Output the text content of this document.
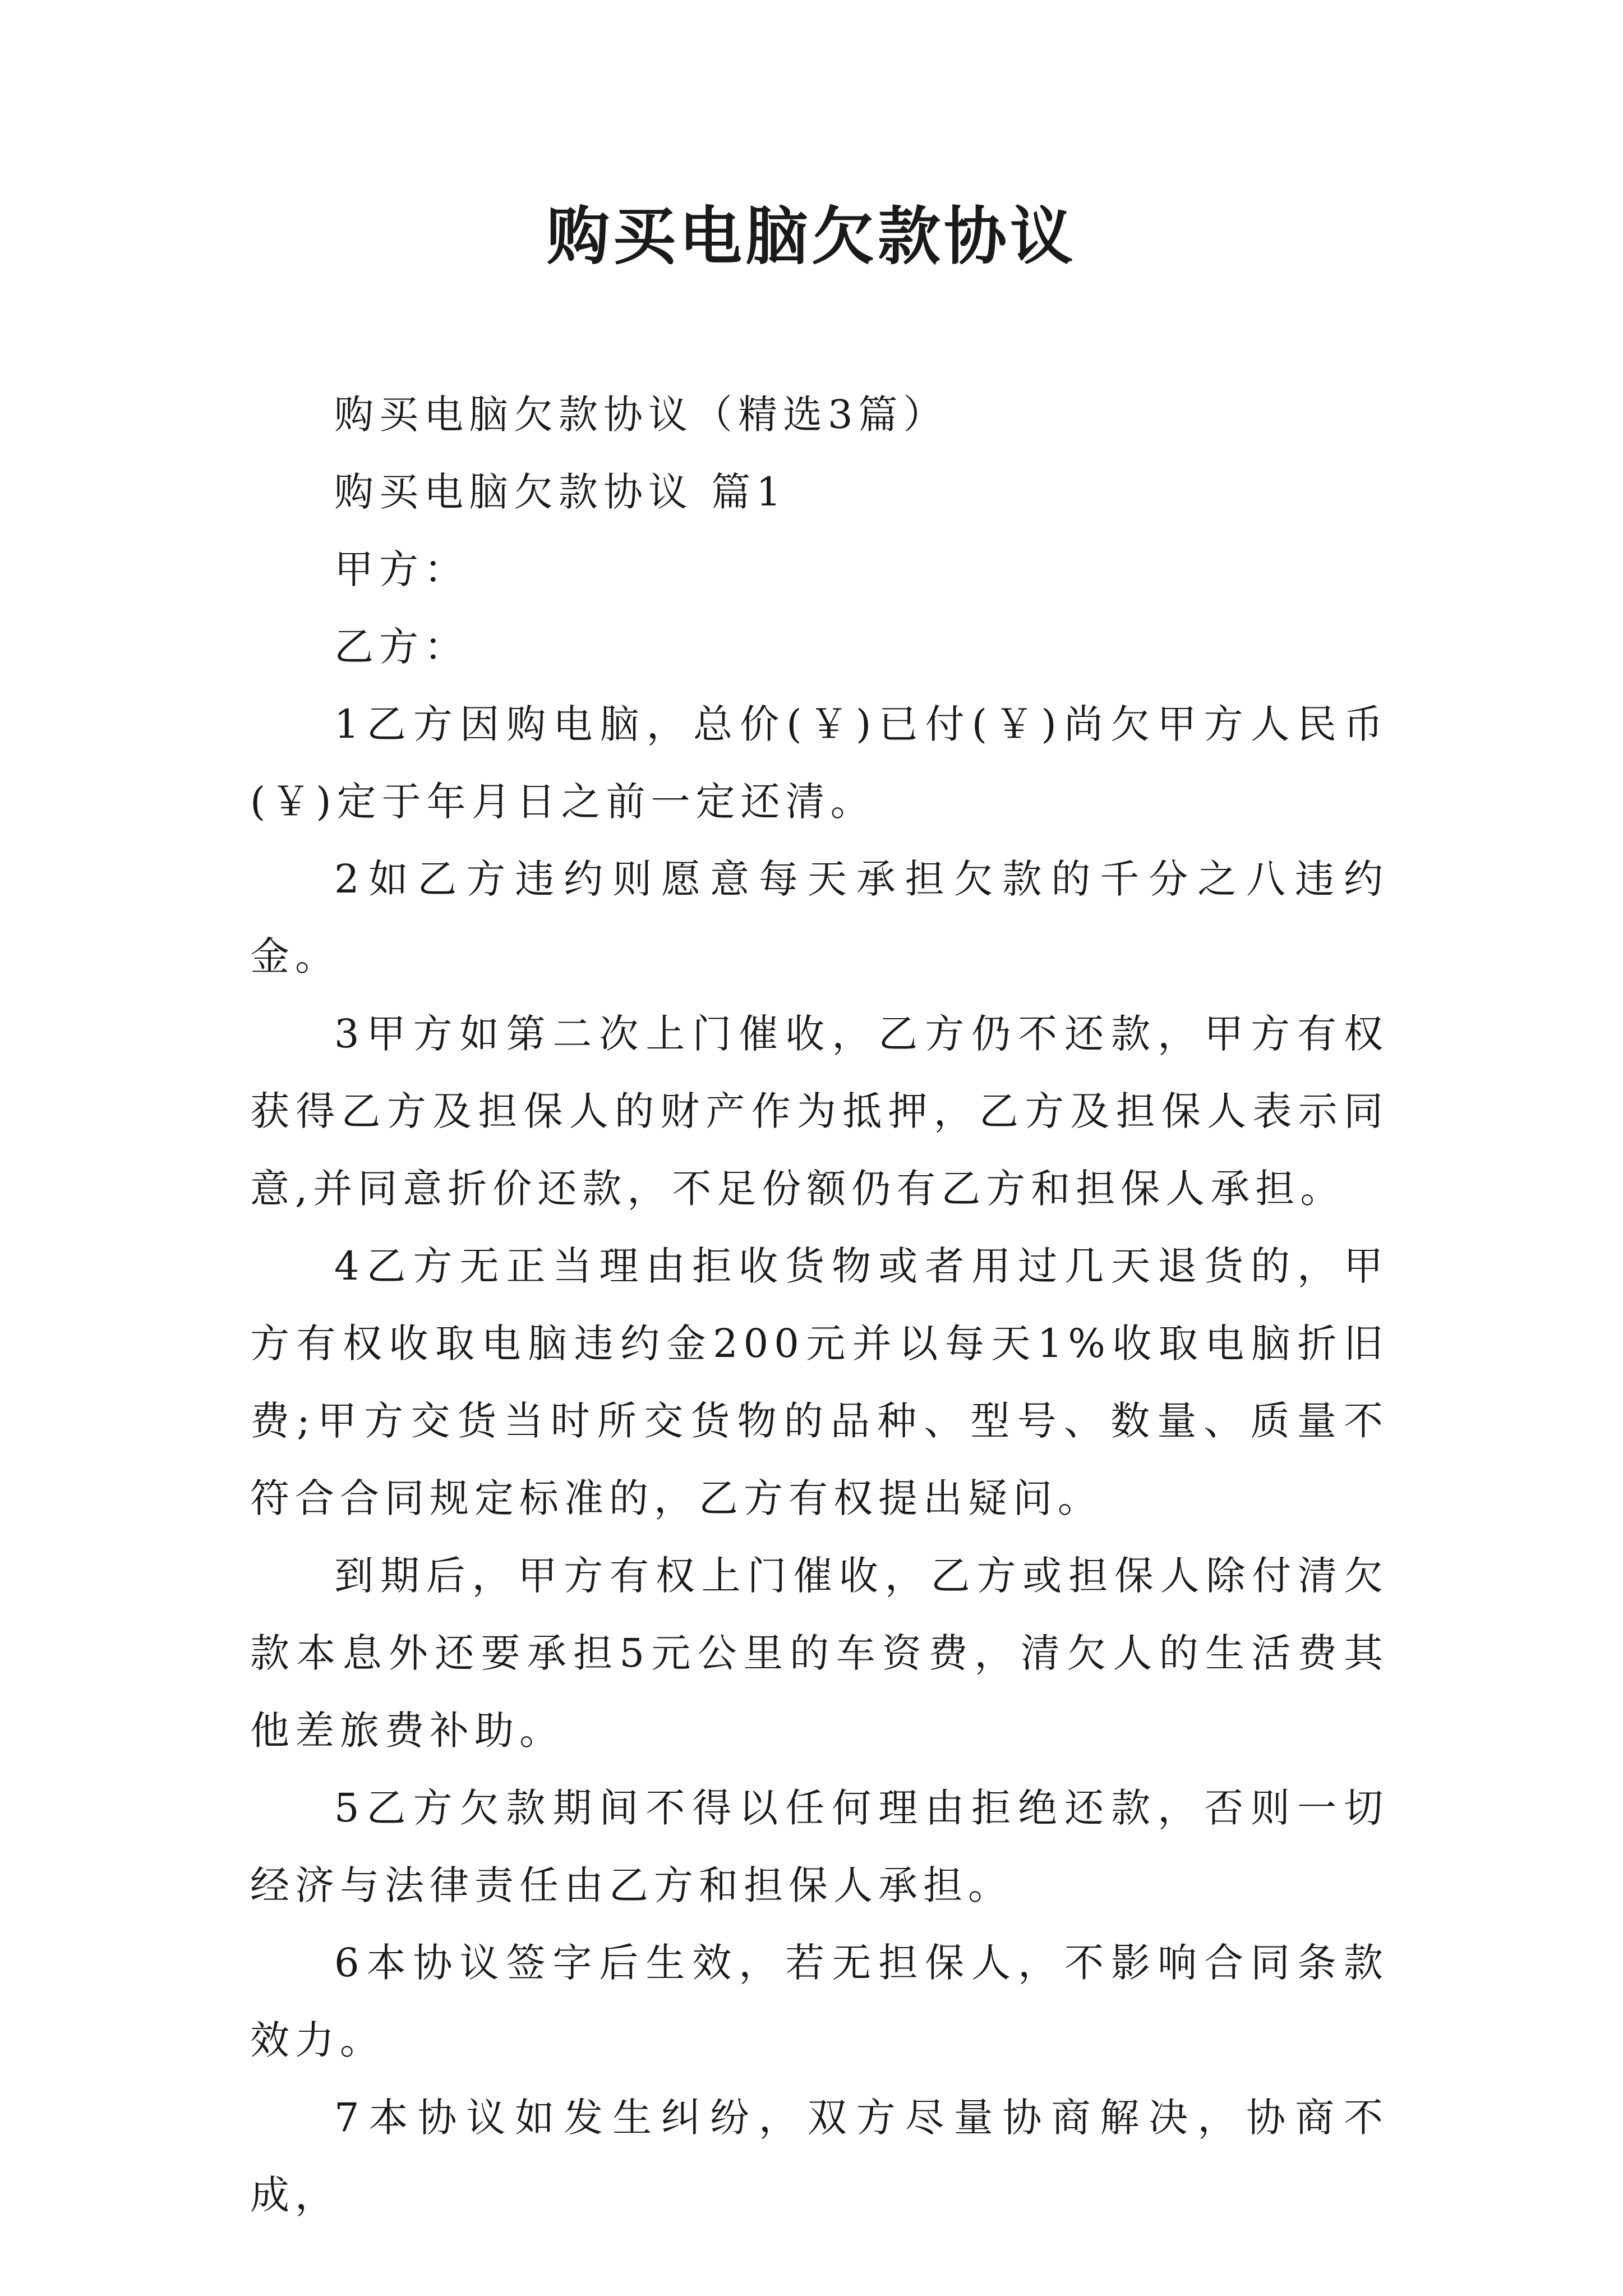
购买电脑欠款协议

购买电脑欠款协议（精选3篇）

购买电脑欠款协议 篇1

甲方：

乙方：

1乙方因购电脑，总价(￥)已付(￥)尚欠甲方人民币(￥)定于年月日之前一定还清。

2如乙方违约则愿意每天承担欠款的千分之八违约金。

3甲方如第二次上门催收，乙方仍不还款，甲方有权获得乙方及担保人的财产作为抵押，乙方及担保人表示同意,并同意折价还款，不足份额仍有乙方和担保人承担。

4乙方无正当理由拒收货物或者用过几天退货的，甲方有权收取电脑违约金200元并以每天1%收取电脑折旧费;甲方交货当时所交货物的品种、型号、数量、质量不符合合同规定标准的，乙方有权提出疑问。

到期后，甲方有权上门催收，乙方或担保人除付清欠款本息外还要承担5元公里的车资费，清欠人的生活费其他差旅费补助。

5乙方欠款期间不得以任何理由拒绝还款，否则一切经济与法律责任由乙方和担保人承担。

6本协议签字后生效，若无担保人，不影响合同条款效力。

7本协议如发生纠纷，双方尽量协商解决，协商不成，
